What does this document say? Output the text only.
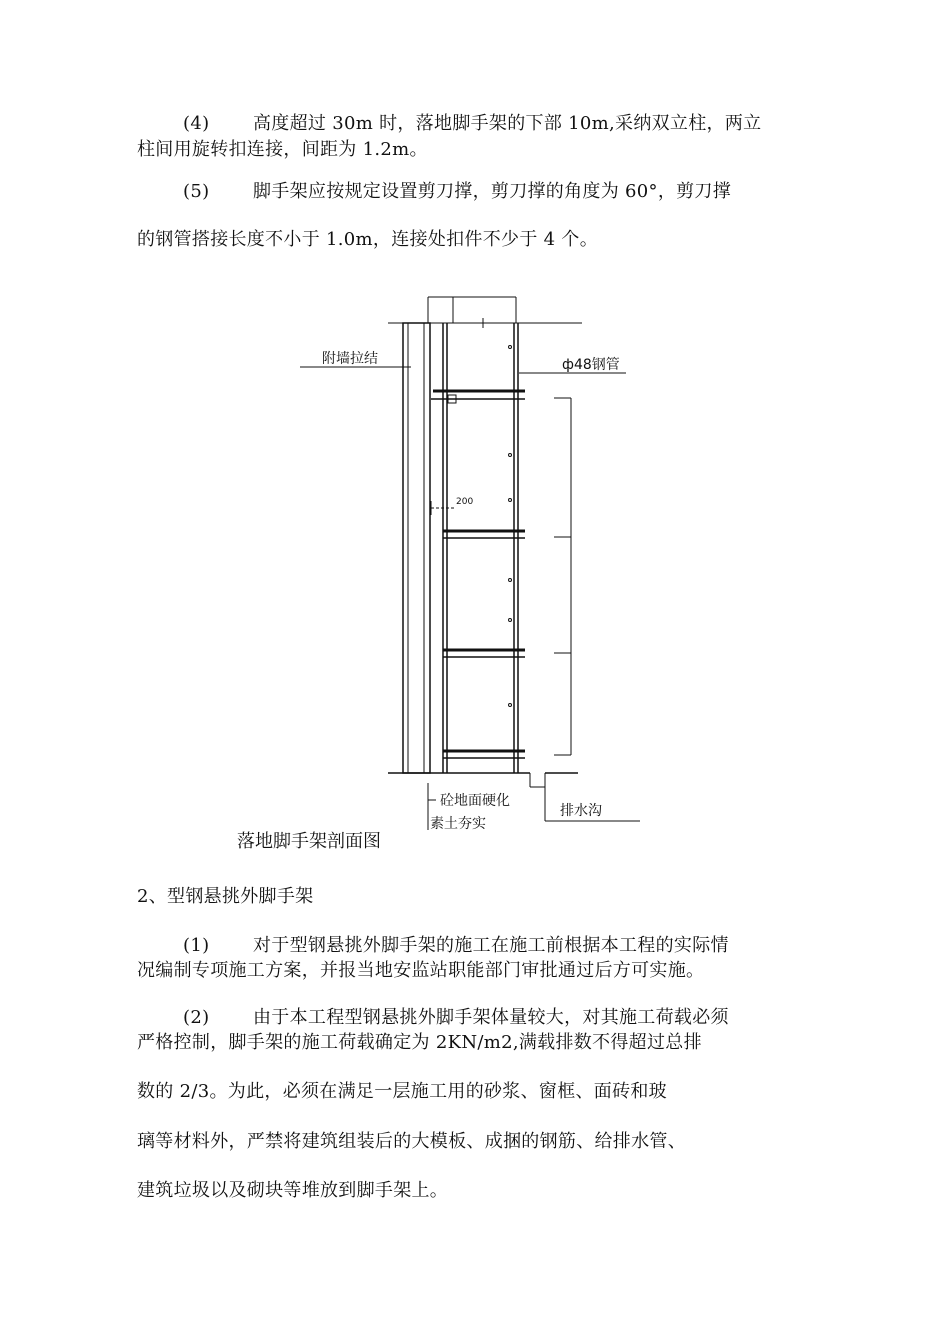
(4) 高度超过 30m 时，落地脚手架的下部 10m,采纳双立柱，两立
柱间用旋转扣连接，间距为 1.2m。
(5) 脚手架应按规定设置剪刀撑，剪刀撑的角度为 60°，剪刀撑
的钢管搭接长度不小于 1.0m，连接处扣件不少于 4 个。
附墙拉结	ф48钢管
200
砼地面硬化
素土夯实
排水沟
落地脚手架剖面图
2、型钢悬挑外脚手架
(1) 对于型钢悬挑外脚手架的施工在施工前根据本工程的实际情
况编制专项施工方案，并报当地安监站职能部门审批通过后方可实施。
(2) 由于本工程型钢悬挑外脚手架体量较大，对其施工荷载必须
严格控制，脚手架的施工荷载确定为 2KN/m2,满载排数不得超过总排
数的 2/3。为此，必须在满足一层施工用的砂浆、窗框、面砖和玻
璃等材料外，严禁将建筑组装后的大模板、成捆的钢筋、给排水管、
建筑垃圾以及砌块等堆放到脚手架上。
